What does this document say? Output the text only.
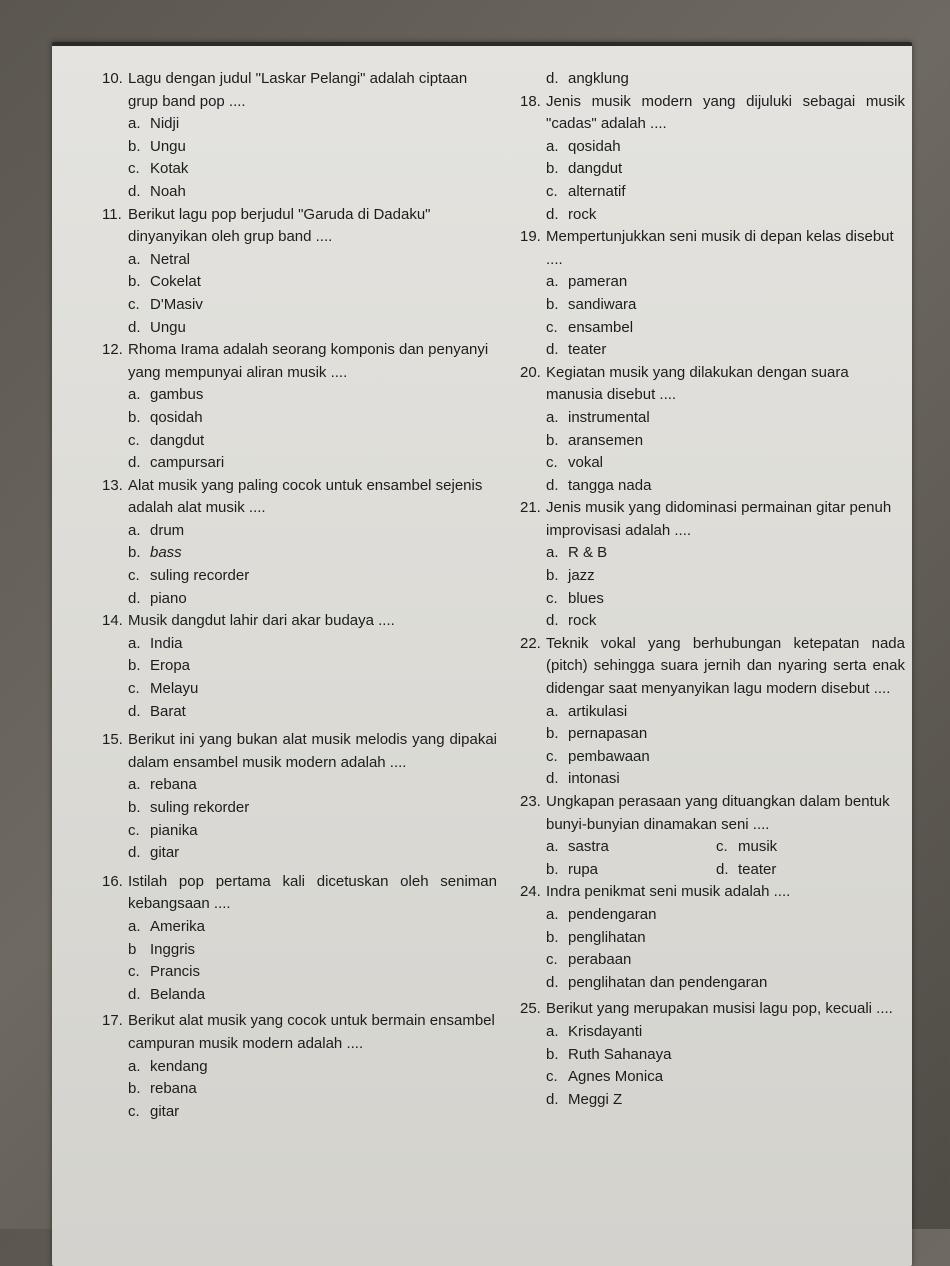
10. Lagu dengan judul "Laskar Pelangi" adalah ciptaan grup band pop ....
a. Nidji
b. Ungu
c. Kotak
d. Noah
11. Berikut lagu pop berjudul "Garuda di Dadaku" dinyanyikan oleh grup band ....
a. Netral
b. Cokelat
c. D'Masiv
d. Ungu
12. Rhoma Irama adalah seorang komponis dan penyanyi yang mempunyai aliran musik ....
a. gambus
b. qosidah
c. dangdut
d. campursari
13. Alat musik yang paling cocok untuk ensambel sejenis adalah alat musik ....
a. drum
b. bass
c. suling recorder
d. piano
14. Musik dangdut lahir dari akar budaya ....
a. India
b. Eropa
c. Melayu
d. Barat
15. Berikut ini yang bukan alat musik melodis yang dipakai dalam ensambel musik modern adalah ....
a. rebana
b. suling rekorder
c. pianika
d. gitar
16. Istilah pop pertama kali dicetuskan oleh seniman kebangsaan ....
a. Amerika
b Inggris
c. Prancis
d. Belanda
17. Berikut alat musik yang cocok untuk bermain ensambel campuran musik modern adalah ....
a. kendang
b. rebana
c. gitar
d. angklung
18. Jenis musik modern yang dijuluki sebagai musik "cadas" adalah ....
a. qosidah
b. dangdut
c. alternatif
d. rock
19. Mempertunjukkan seni musik di depan kelas disebut ....
a. pameran
b. sandiwara
c. ensambel
d. teater
20. Kegiatan musik yang dilakukan dengan suara manusia disebut ....
a. instrumental
b. aransemen
c. vokal
d. tangga nada
21. Jenis musik yang didominasi permainan gitar penuh improvisasi adalah ....
a. R & B
b. jazz
c. blues
d. rock
22. Teknik vokal yang berhubungan ketepatan nada (pitch) sehingga suara jernih dan nyaring serta enak didengar saat menyanyikan lagu modern disebut ....
a. artikulasi
b. pernapasan
c. pembawaan
d. intonasi
23. Ungkapan perasaan yang dituangkan dalam bentuk bunyi-bunyian dinamakan seni ....
a. sastra	c. musik
b. rupa	d. teater
24. Indra penikmat seni musik adalah ....
a. pendengaran
b. penglihatan
c. perabaan
d. penglihatan dan pendengaran
25. Berikut yang merupakan musisi lagu pop, kecuali ....
a. Krisdayanti
b. Ruth Sahanaya
c. Agnes Monica
d. Meggi Z
